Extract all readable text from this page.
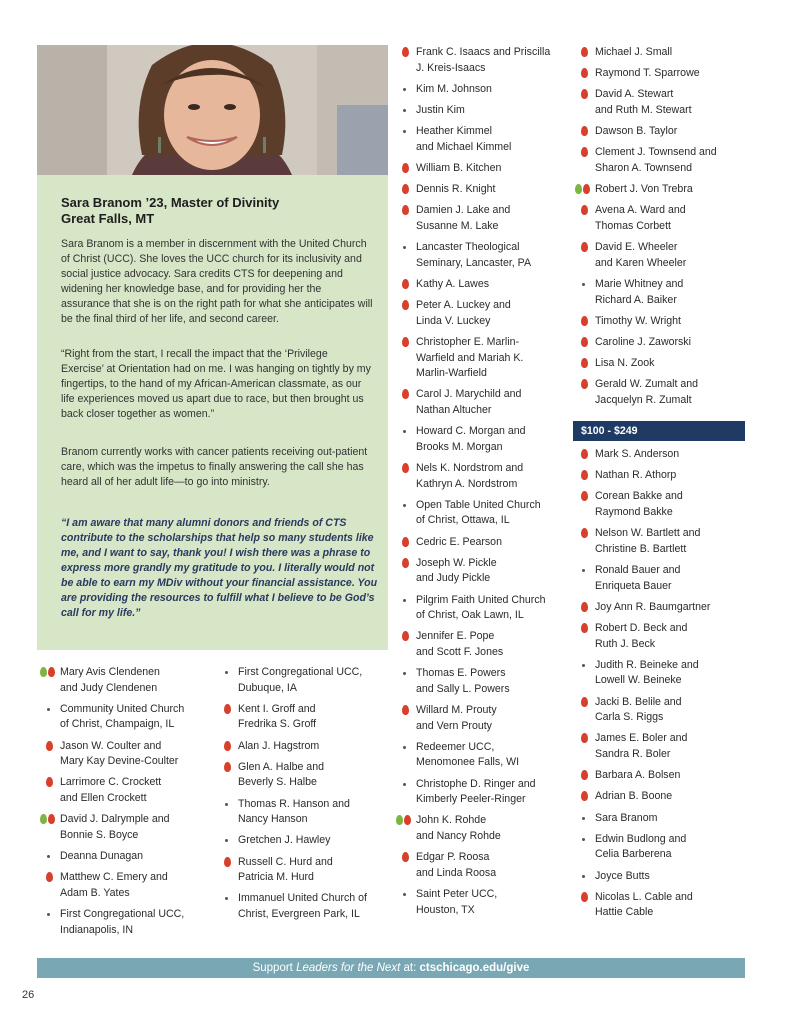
Sara Branom ’23, Master of Divinity
Great Falls, MT
Sara Branom is a member in discernment with the United Church of Christ (UCC). She loves the UCC church for its inclusivity and social justice advocacy. Sara credits CTS for deepening and widening her knowledge base, and for providing her the assurance that she is on the right path for what she anticipates will be the final third of her life, and second career.
“Right from the start, I recall the impact that the ‘Privilege Exercise’ at Orientation had on me. I was hanging on tightly by my fingertips, to the hand of my African-American classmate, as our life experiences moved us apart due to race, but then brought us back closer together as women.”
Branom currently works with cancer patients receiving out-patient care, which was the impetus to finally answering the call she has heard all of her adult life—to go into ministry.
“I am aware that many alumni donors and friends of CTS contribute to the scholarships that help so many students like me, and I want to say, thank you! I wish there was a phrase to express more grandly my gratitude to you. I literally would not be able to earn my MDiv without your financial assistance. You are providing the resources to fulfill what I believe to be God’s call for my life.”
Mary Avis Clendenen
and Judy Clendenen
Community United Church
of Christ, Champaign, IL
Jason W. Coulter and
Mary Kay Devine-Coulter
Larrimore C. Crockett
and Ellen Crockett
David J. Dalrymple and
Bonnie S. Boyce
Deanna Dunagan
Matthew C. Emery and
Adam B. Yates
First Congregational UCC,
Indianapolis, IN
First Congregational UCC,
Dubuque, IA
Kent I. Groff and
Fredrika S. Groff
Alan J. Hagstrom
Glen A. Halbe and
Beverly S. Halbe
Thomas R. Hanson and
Nancy Hanson
Gretchen J. Hawley
Russell C. Hurd and
Patricia M. Hurd
Immanuel United Church of
Christ, Evergreen Park, IL
Frank C. Isaacs and Priscilla
J. Kreis-Isaacs
Kim M. Johnson
Justin Kim
Heather Kimmel
and Michael Kimmel
William B. Kitchen
Dennis R. Knight
Damien J. Lake and
Susanne M. Lake
Lancaster Theological
Seminary, Lancaster, PA
Kathy A. Lawes
Peter A. Luckey and
Linda V. Luckey
Christopher E. Marlin-
Warfield and Mariah K.
Marlin-Warfield
Carol J. Marychild and
Nathan Altucher
Howard C. Morgan and
Brooks M. Morgan
Nels K. Nordstrom and
Kathryn A. Nordstrom
Open Table United Church
of Christ, Ottawa, IL
Cedric E. Pearson
Joseph W. Pickle
and Judy Pickle
Pilgrim Faith United Church
of Christ, Oak Lawn, IL
Jennifer E. Pope
and Scott F. Jones
Thomas E. Powers
and Sally L. Powers
Willard M. Prouty
and Vern Prouty
Redeemer UCC,
Menomonee Falls, WI
Christophe D. Ringer and
Kimberly Peeler-Ringer
John K. Rohde
and Nancy Rohde
Edgar P. Roosa
and Linda Roosa
Saint Peter UCC,
Houston, TX
Michael J. Small
Raymond T. Sparrowe
David A. Stewart
and Ruth M. Stewart
Dawson B. Taylor
Clement J. Townsend and
Sharon A. Townsend
Robert J. Von Trebra
Avena A. Ward and
Thomas Corbett
David E. Wheeler
and Karen Wheeler
Marie Whitney and
Richard A. Baiker
Timothy W. Wright
Caroline J. Zaworski
Lisa N. Zook
Gerald W. Zumalt and
Jacquelyn R. Zumalt
Mark S. Anderson
Nathan R. Athorp
Corean Bakke and
Raymond Bakke
Nelson W. Bartlett and
Christine B. Bartlett
Ronald Bauer and
Enriqueta Bauer
Joy Ann R. Baumgartner
Robert D. Beck and
Ruth J. Beck
Judith R. Beineke and
Lowell W. Beineke
Jacki B. Belile and
Carla S. Riggs
James E. Boler and
Sandra R. Boler
Barbara A. Bolsen
Adrian B. Boone
Sara Branom
Edwin Budlong and
Celia Barberena
Joyce Butts
Nicolas L. Cable and
Hattie Cable
$100 - $249
Support Leaders for the Next at: ctschicago.edu/give
26
